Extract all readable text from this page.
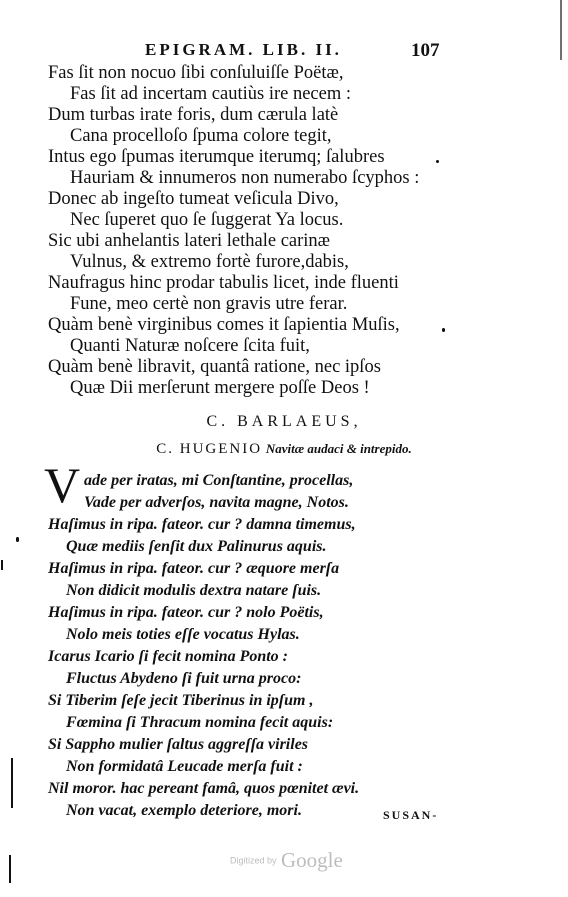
EPIGRAM. LIB. II.	107
Fas ſit non nocuo ſibi conſuluiſſe Poëtæ,
Fas ſit ad incertam cautiùs ire necem :
Dum turbas irate foris, dum cærula latè
Cana procelloſo ſpuma colore tegit,
Intus ego ſpumas iterumque iterumq; ſalubres
Hauriam & innumeros non numerabo ſcyphos :
Donec ab ingeſto tumeat veſicula Divo,
Nec ſuperet quo ſe ſuggerat Ya locus.
Sic ubi anhelantis lateri lethale carinæ
Vulnus, & extremo fortè furore,dabis,
Naufragus hinc prodar tabulis licet, inde fluenti
Fune, meo certè non gravis utre ferar.
Quàm benè virginibus comes it ſapientia Muſis,
Quanti Naturæ noſcere ſcita fuit,
Quàm benè libravit, quantâ ratione, nec ipſos
Quæ Dii merſerunt mergere poſſe Deos !
C. BARLAEUS,
C. HUGENIO Navitæ audaci & intrepido.
V ade per iratas, mi Conſtantine, procellas,
Vade per adverſos, navita magne, Notos.
Haſimus in ripa. fateor. cur ? damna timemus,
Quæ mediis ſenſit dux Palinurus aquis.
Haſimus in ripa. fateor. cur ? æquore merſa
Non didicit modulis dextra natare ſuis.
Haſimus in ripa. fateor. cur ? nolo Poëtis,
Nolo meis toties eſſe vocatus Hylas.
Icarus Icario ſi fecit nomina Ponto :
Fluctus Abydeno ſi fuit urna proco:
Si Tiberim ſeſe jecit Tiberinus in ipſum ,
Fœmina ſi Thracum nomina fecit aquis:
Si Sappho mulier ſaltus aggreſſa viriles
Non formidatâ Leucade merſa fuit :
Nil moror. hac pereant famâ, quos pœnitet ævi.
Non vacat, exemplo deteriore, mori.	SUSAN-
Digitized by Google
